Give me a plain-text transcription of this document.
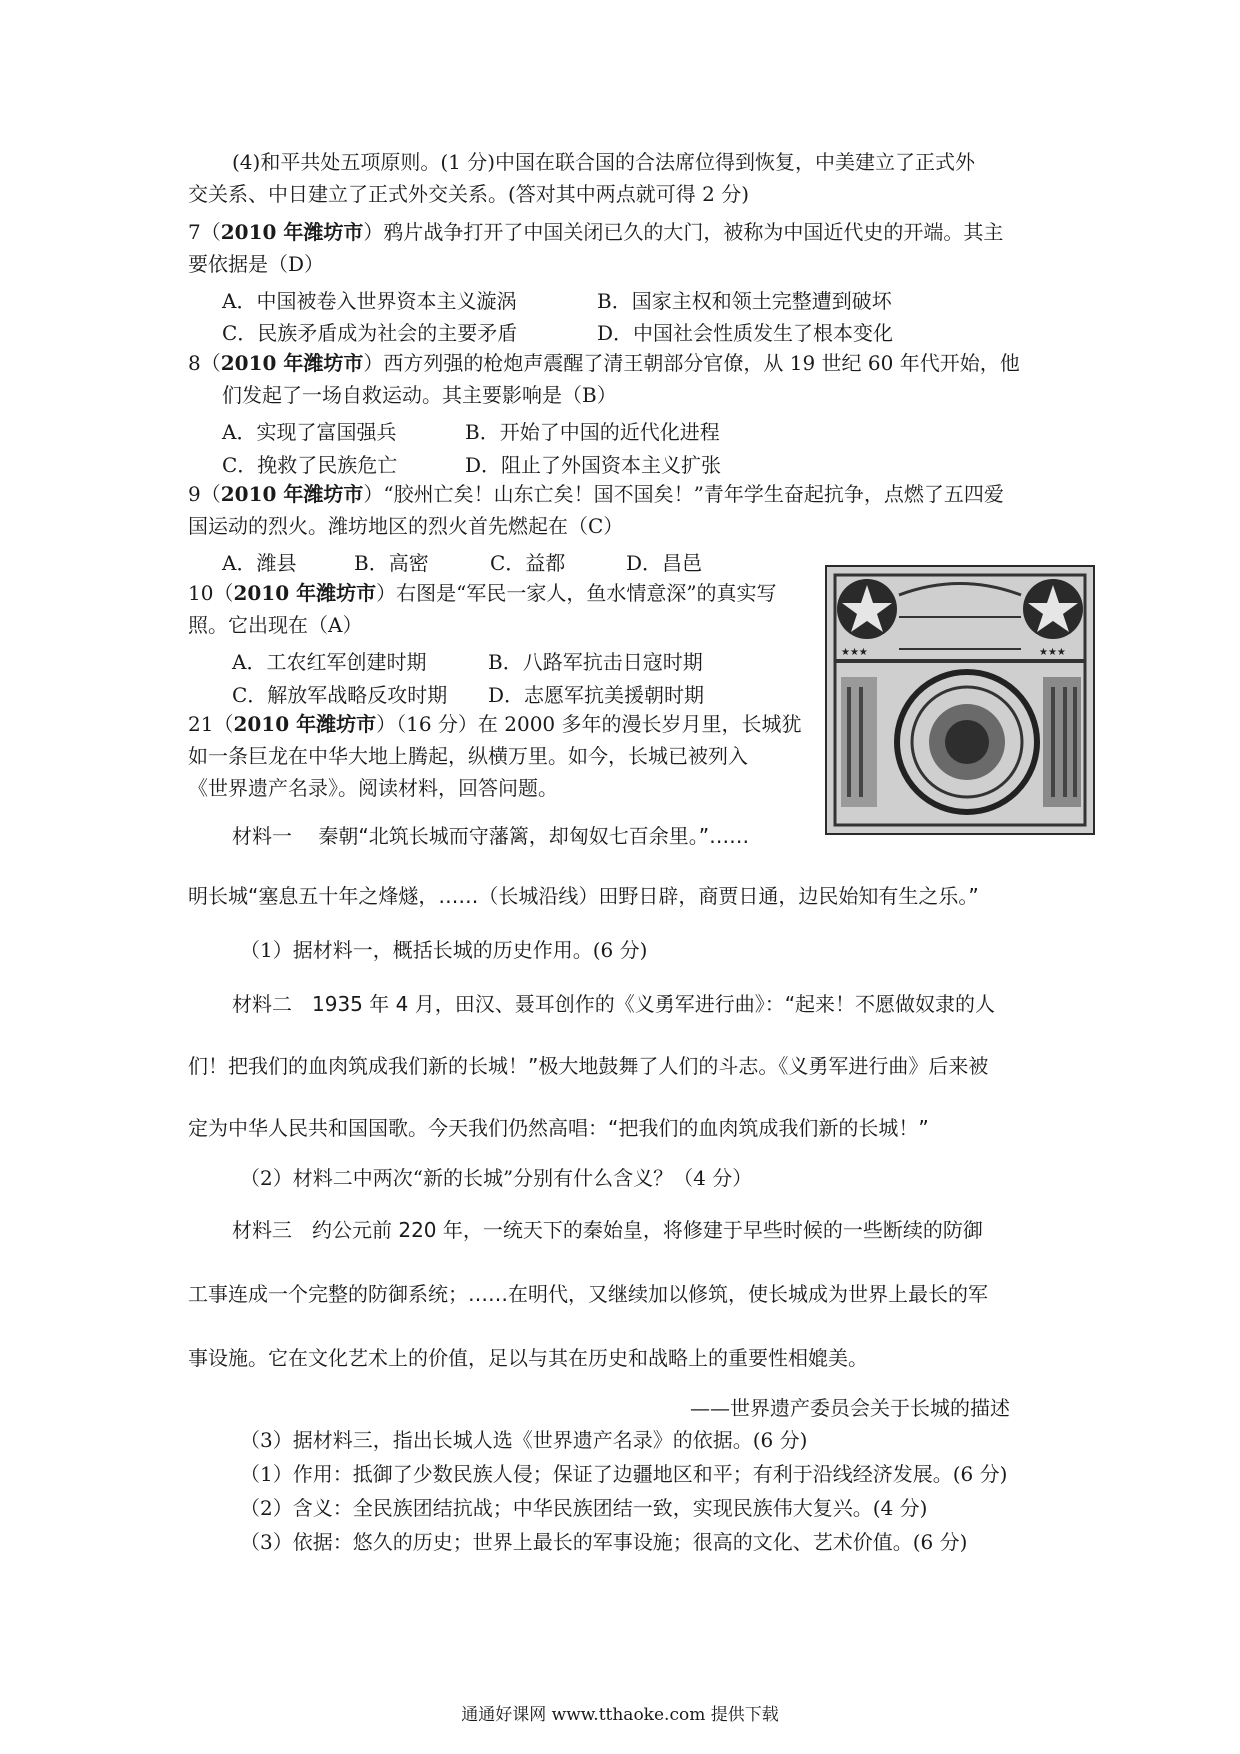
(4)和平共处五项原则。(1 分)中国在联合国的合法席位得到恢复，中美建立了正式外
交关系、中日建立了正式外交关系。(答对其中两点就可得 2 分)
7（2010 年潍坊市）鸦片战争打开了中国关闭已久的大门，被称为中国近代史的开端。其主
要依据是（D）
A．中国被卷入世界资本主义漩涡	B．国家主权和领土完整遭到破坏
C．民族矛盾成为社会的主要矛盾	D．中国社会性质发生了根本变化
8（2010 年潍坊市）西方列强的枪炮声震醒了清王朝部分官僚，从 19 世纪 60 年代开始，他
们发起了一场自救运动。其主要影响是（B）
A．实现了富国强兵	B．开始了中国的近代化进程
C．挽救了民族危亡	D．阻止了外国资本主义扩张
9（2010 年潍坊市）“胶州亡矣！山东亡矣！国不国矣！”青年学生奋起抗争，点燃了五四爱
国运动的烈火。潍坊地区的烈火首先燃起在（C）
A．潍县	B．高密	C．益都	D．昌邑
10（2010 年潍坊市）右图是“军民一家人，鱼水情意深”的真实写
照。它出现在（A）
A．工农红军创建时期	B．八路军抗击日寇时期
C．解放军战略反攻时期 D．志愿军抗美援朝时期
21（2010 年潍坊市）（16 分）在 2000 多年的漫长岁月里，长城犹
如一条巨龙在中华大地上腾起，纵横万里。如今，长城已被列入
《世界遗产名录》。阅读材料，回答问题。
材料一　 秦朝“北筑长城而守藩篱，却匈奴七百余里。”……
明长城“塞息五十年之烽燧，……（长城沿线）田野日辟，商贾日通，边民始知有生之乐。”
（1）据材料一，概括长城的历史作用。(6 分)
材料二　1935 年 4 月，田汉、聂耳创作的《义勇军进行曲》：“起来！不愿做奴隶的人
们！把我们的血肉筑成我们新的长城！”极大地鼓舞了人们的斗志。《义勇军进行曲》后来被
定为中华人民共和国国歌。今天我们仍然高唱：“把我们的血肉筑成我们新的长城！”
（2）材料二中两次“新的长城”分别有什么含义？（4 分）
材料三　约公元前 220 年，一统天下的秦始皇，将修建于早些时候的一些断续的防御
工事连成一个完整的防御系统；……在明代，又继续加以修筑，使长城成为世界上最长的军
事设施。它在文化艺术上的价值，足以与其在历史和战略上的重要性相媲美。
——世界遗产委员会关于长城的描述
（3）据材料三，指出长城人选《世界遗产名录》的依据。(6 分)
（1）作用：抵御了少数民族人侵；保证了边疆地区和平；有利于沿线经济发展。(6 分)
（2）含义：全民族团结抗战；中华民族团结一致，实现民族伟大复兴。(4 分)
（3）依据：悠久的历史；世界上最长的军事设施；很高的文化、艺术价值。(6 分)
★★★	★★★
通通好课网 www.tthaoke.com 提供下载
